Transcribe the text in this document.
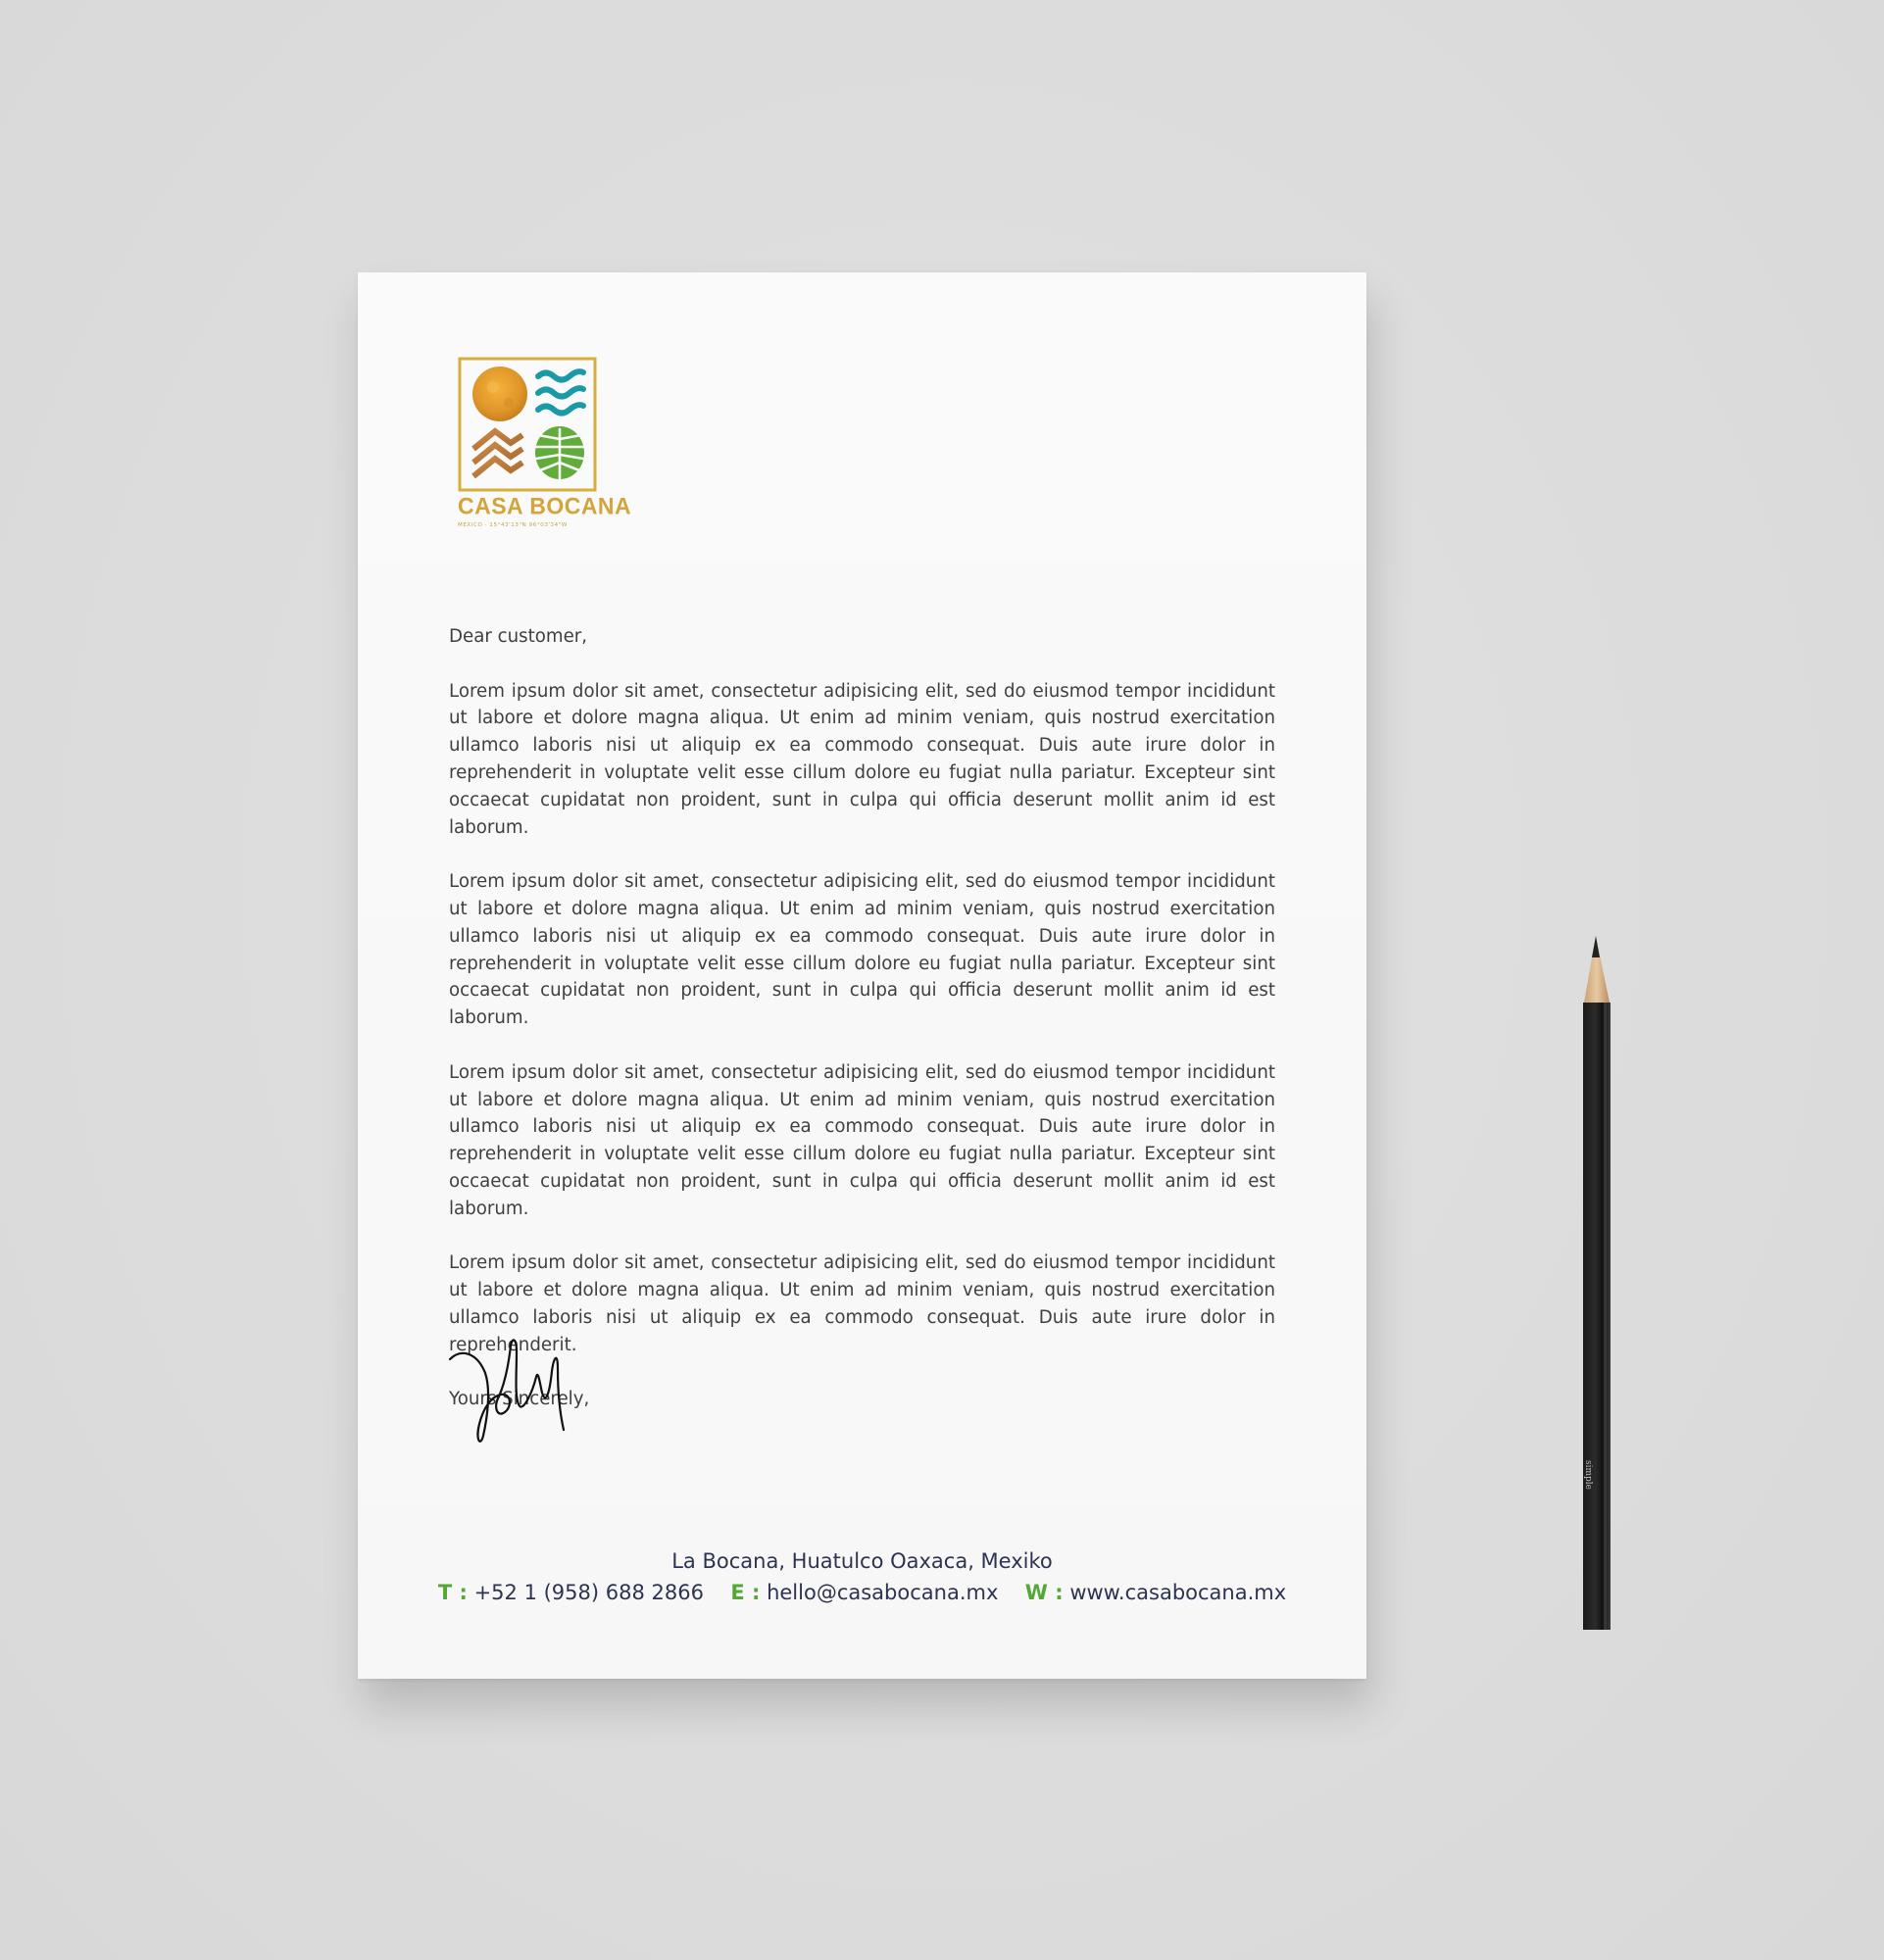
CASA BOCANA
MEXICO · 15°43'13"N 96°03'34"W

Dear customer,

Lorem ipsum dolor sit amet, consectetur adipisicing elit, sed do eiusmod tempor incididunt ut labore et dolore magna aliqua. Ut enim ad minim veniam, quis nostrud exercitation ullamco laboris nisi ut aliquip ex ea commodo consequat. Duis aute irure dolor in reprehenderit in voluptate velit esse cillum dolore eu fugiat nulla pariatur. Excepteur sint occaecat cupidatat non proident, sunt in culpa qui officia deserunt mollit anim id est laborum.

Lorem ipsum dolor sit amet, consectetur adipisicing elit, sed do eiusmod tempor incididunt ut labore et dolore magna aliqua. Ut enim ad minim veniam, quis nostrud exercitation ullamco laboris nisi ut aliquip ex ea commodo consequat. Duis aute irure dolor in reprehenderit in voluptate velit esse cillum dolore eu fugiat nulla pariatur. Excepteur sint occaecat cupidatat non proident, sunt in culpa qui officia deserunt mollit anim id est laborum.

Lorem ipsum dolor sit amet, consectetur adipisicing elit, sed do eiusmod tempor incididunt ut labore et dolore magna aliqua. Ut enim ad minim veniam, quis nostrud exercitation ullamco laboris nisi ut aliquip ex ea commodo consequat. Duis aute irure dolor in reprehenderit in voluptate velit esse cillum dolore eu fugiat nulla pariatur. Excepteur sint occaecat cupidatat non proident, sunt in culpa qui officia deserunt mollit anim id est laborum.

Lorem ipsum dolor sit amet, consectetur adipisicing elit, sed do eiusmod tempor incididunt ut labore et dolore magna aliqua. Ut enim ad minim veniam, quis nostrud exercitation ullamco laboris nisi ut aliquip ex ea commodo consequat. Duis aute irure dolor in reprehenderit.

Yours Sincerely,

La Bocana, Huatulco Oaxaca, Mexiko
T : +52 1 (958) 688 2866 E : hello@casabocana.mx W : www.casabocana.mx
simple
